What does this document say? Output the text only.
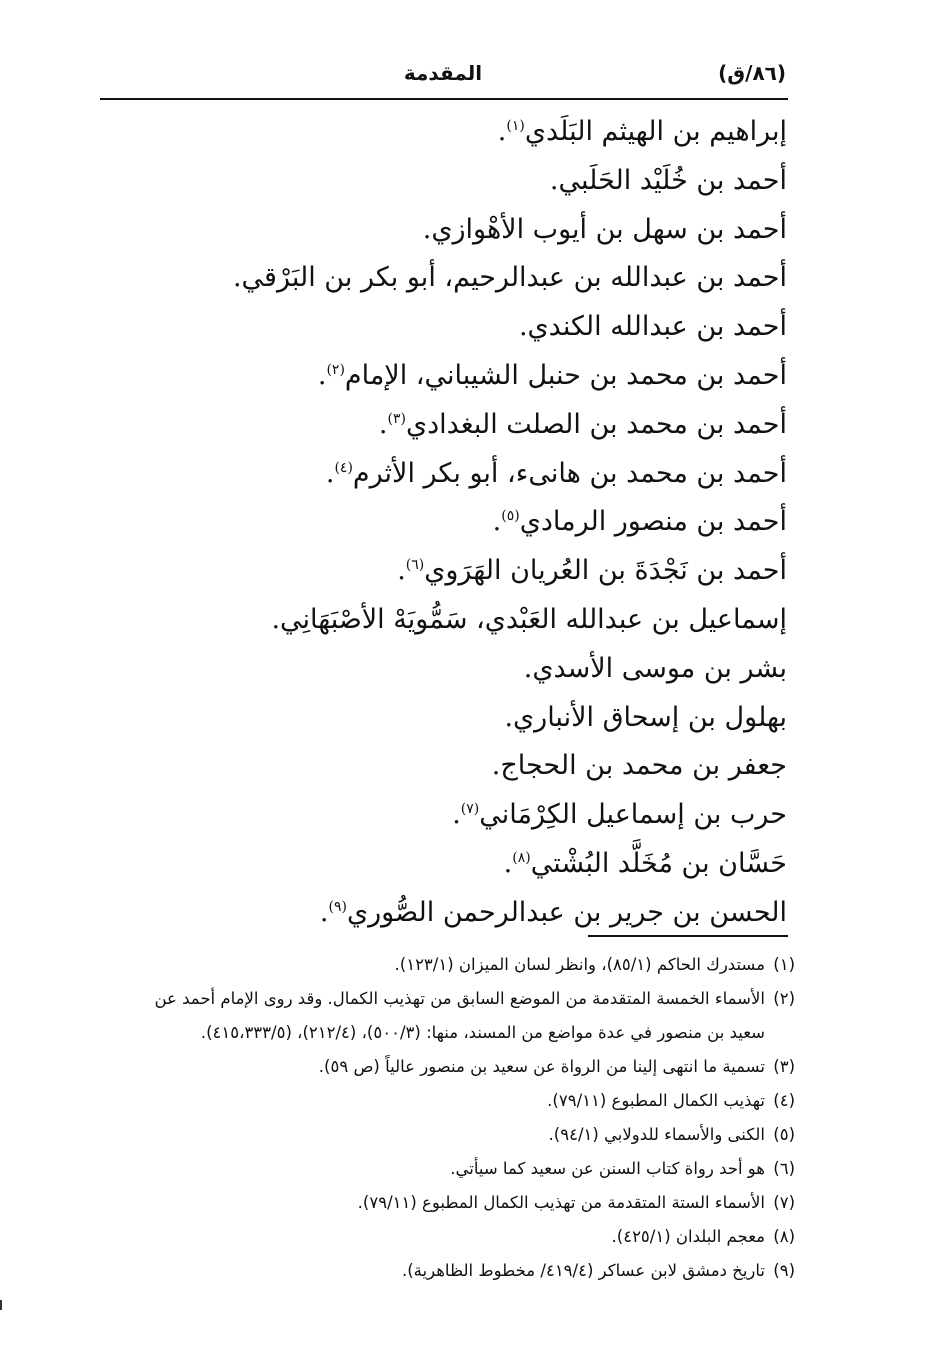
(٨٦/ق)
المقدمة
إبراهيم بن الهيثم البَلَدي$^{(١)}$.
أحمد بن خُلَيْد الحَلَبي.
أحمد بن سهل بن أيوب الأهْوازي.
أحمد بن عبدالله بن عبدالرحيم، أبو بكر بن البَرْقي.
أحمد بن عبدالله الكندي.
أحمد بن محمد بن حنبل الشيباني، الإمام$^{(٢)}$.
أحمد بن محمد بن الصلت البغدادي$^{(٣)}$.
أحمد بن محمد بن هانىء، أبو بكر الأثرم$^{(٤)}$.
أحمد بن منصور الرمادي$^{(٥)}$.
أحمد بن نَجْدَةَ بن العُريان الهَرَوي$^{(٦)}$.
إسماعيل بن عبدالله العَبْدي، سَمُّويَهْ الأصْبَهَانِي.
بشر بن موسى الأسدي.
بهلول بن إسحاق الأنباري.
جعفر بن محمد بن الحجاج.
حرب بن إسماعيل الكِرْمَاني$^{(٧)}$.
حَسَّان بن مُخَلَّد البُشْتي$^{(٨)}$.
الحسن بن جرير بن عبدالرحمن الصُّوري$^{(٩)}$.
(١)مستدرك الحاكم (٨٥/١)، وانظر لسان الميزان (١٢٣/١).
(٢)الأسماء الخمسة المتقدمة من الموضع السابق من تهذيب الكمال. وقد روى الإمام أحمد عن
سعيد بن منصور في عدة مواضع من المسند، منها: (٥٠٠/٣)، (٢١٢/٤)، (٤١٥،٣٣٣/٥).
(٣)تسمية ما انتهى إلينا من الرواة عن سعيد بن منصور عالياً (ص ٥٩).
(٤)تهذيب الكمال المطبوع (٧٩/١١).
(٥)الكنى والأسماء للدولابي (٩٤/١).
(٦)هو أحد رواة كتاب السنن عن سعيد كما سيأتي.
(٧)الأسماء الستة المتقدمة من تهذيب الكمال المطبوع (٧٩/١١).
(٨)معجم البلدان (٤٢٥/١).
(٩)تاريخ دمشق لابن عساكر (٤١٩/٤/ مخطوط الظاهرية).
